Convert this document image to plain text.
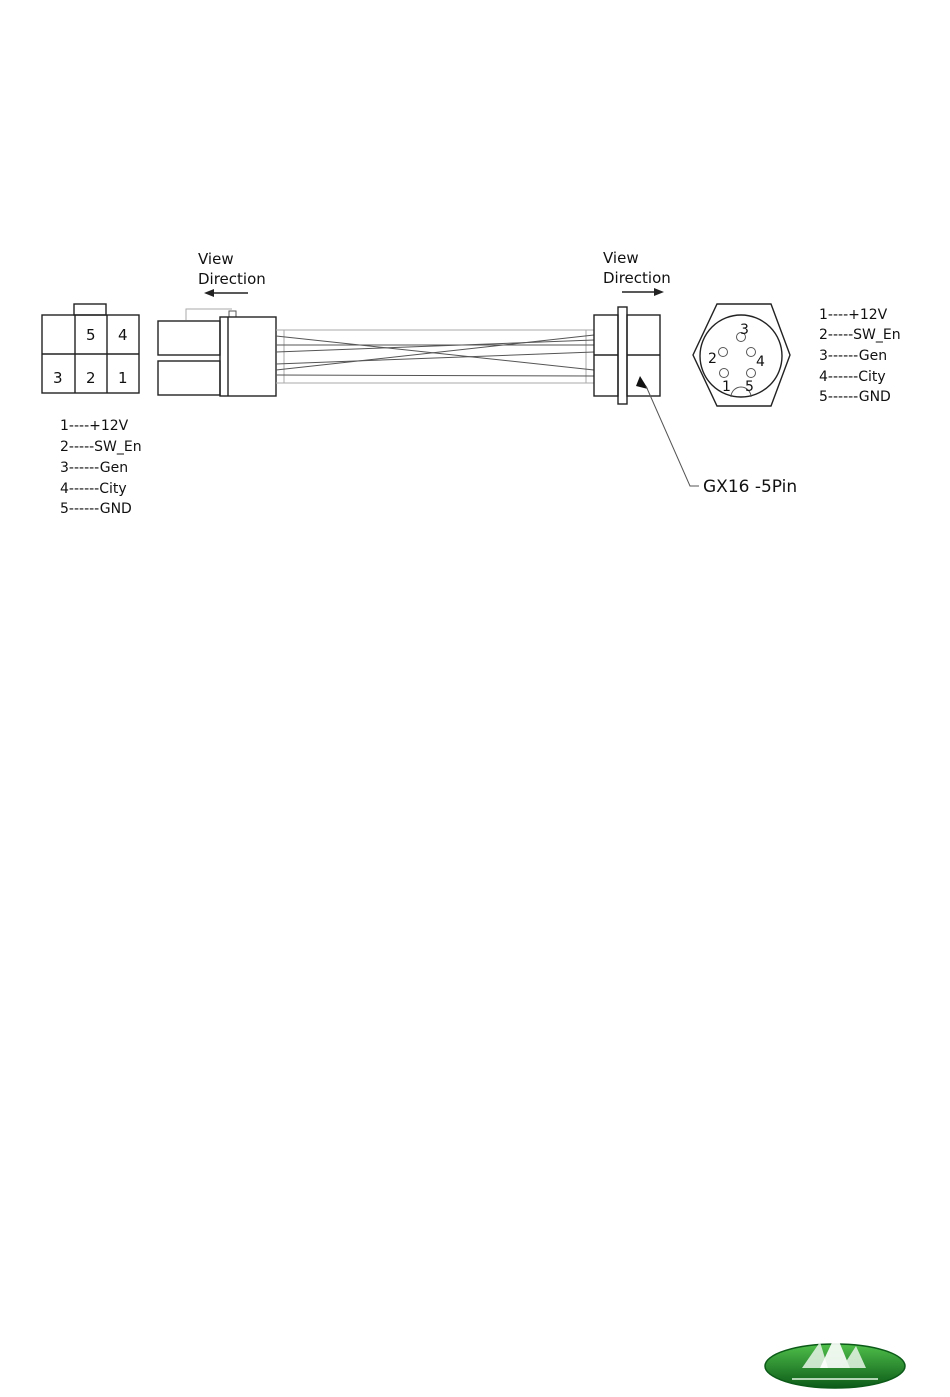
5 4
3 2 1
1----+12V
2-----SW_En
3------Gen
4------City
5------GND
View
Direction
View
Direction
GX16 -5Pin
1
2
3
4
5
1----+12V
2-----SW_En
3------Gen
4------City
5------GND
